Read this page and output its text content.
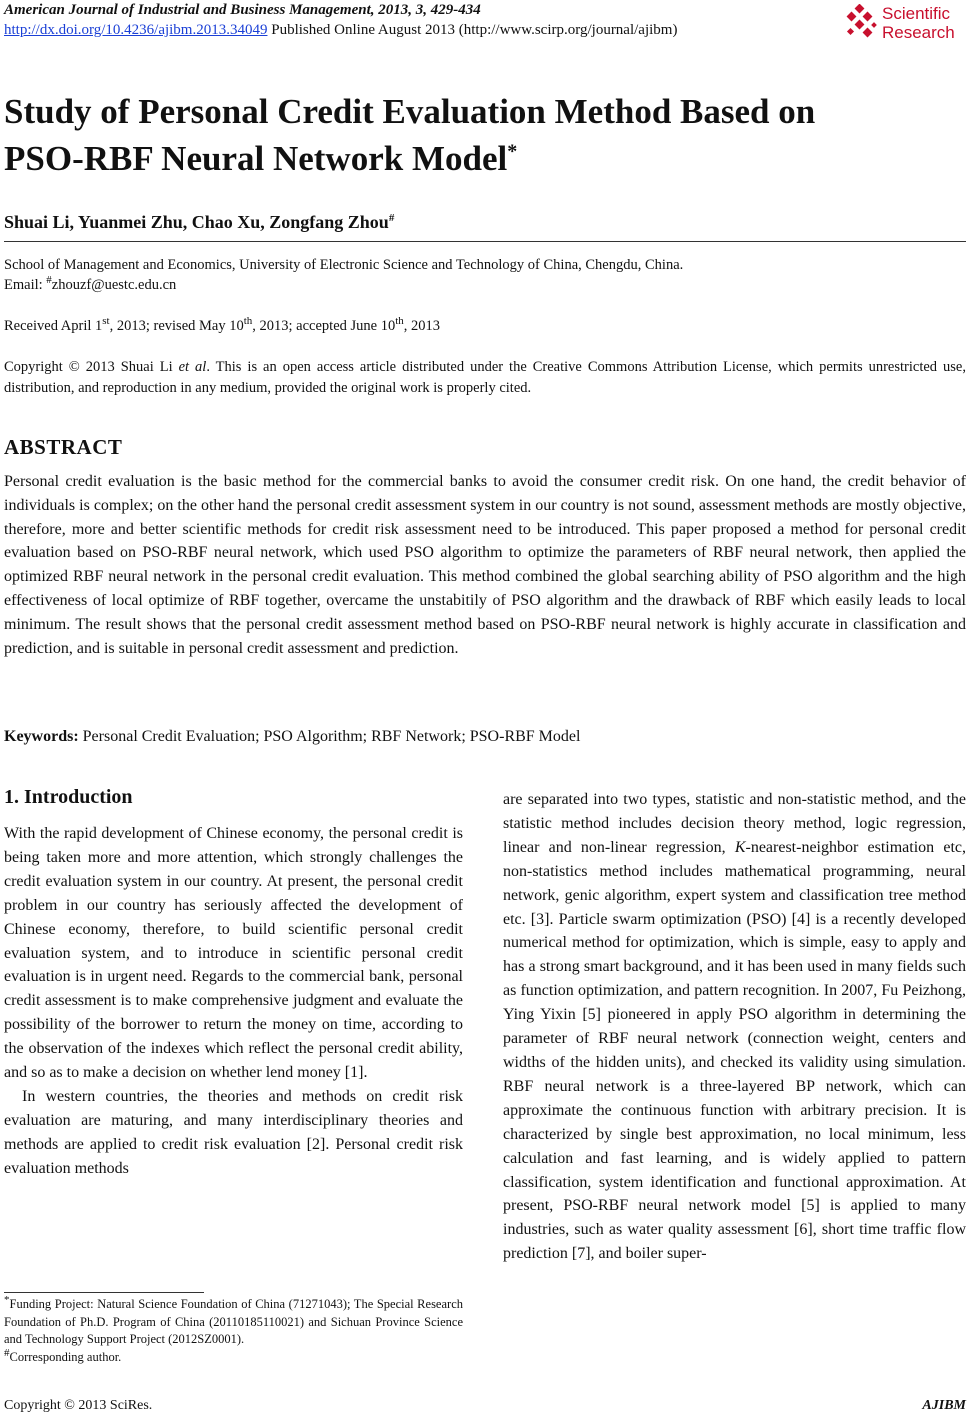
American Journal of Industrial and Business Management, 2013, 3, 429-434
http://dx.doi.org/10.4236/ajibm.2013.34049 Published Online August 2013 (http://www.scirp.org/journal/ajibm)
Scientific
Research
Study of Personal Credit Evaluation Method Based on
PSO-RBF Neural Network Model*
Shuai Li, Yuanmei Zhu, Chao Xu, Zongfang Zhou#
School of Management and Economics, University of Electronic Science and Technology of China, Chengdu, China.
Email: #zhouzf@uestc.edu.cn
Received April 1st, 2013; revised May 10th, 2013; accepted June 10th, 2013
Copyright © 2013 Shuai Li et al. This is an open access article distributed under the Creative Commons Attribution License, which permits unrestricted use, distribution, and reproduction in any medium, provided the original work is properly cited.
ABSTRACT
Personal credit evaluation is the basic method for the commercial banks to avoid the consumer credit risk. On one hand, the credit behavior of individuals is complex; on the other hand the personal credit assessment system in our country is not sound, assessment methods are mostly objective, therefore, more and better scientific methods for credit risk assessment need to be introduced. This paper proposed a method for personal credit evaluation based on PSO-RBF neural network, which used PSO algorithm to optimize the parameters of RBF neural network, then applied the optimized RBF neural network in the personal credit evaluation. This method combined the global searching ability of PSO algorithm and the high effectiveness of local optimize of RBF together, overcame the unstabitily of PSO algorithm and the drawback of RBF which easily leads to local minimum. The result shows that the personal credit assessment method based on PSO-RBF neural network is highly accurate in classification and prediction, and is suitable in personal credit assessment and prediction.
Keywords: Personal Credit Evaluation; PSO Algorithm; RBF Network; PSO-RBF Model
1. Introduction

With the rapid development of Chinese economy, the personal credit is being taken more and more attention, which strongly challenges the credit evaluation system in our country. At present, the personal credit problem in our country has seriously affected the development of Chinese economy, therefore, to build scientific personal credit evaluation system, and to introduce in scientific personal credit evaluation is in urgent need. Regards to the commercial bank, personal credit assessment is to make comprehensive judgment and evaluate the possibility of the borrower to return the money on time, according to the observation of the indexes which reflect the personal credit ability, and so as to make a decision on whether lend money [1].

In western countries, the theories and methods on credit risk evaluation are maturing, and many interdisciplinary theories and methods are applied to credit risk evaluation [2]. Personal credit risk evaluation methods

are separated into two types, statistic and non-statistic method, and the statistic method includes decision theory method, logic regression, linear and non-linear regression, K-nearest-neighbor estimation etc, non-statistics method includes mathematical programming, neural network, genic algorithm, expert system and classification tree method etc. [3]. Particle swarm optimization (PSO) [4] is a recently developed numerical method for optimization, which is simple, easy to apply and has a strong smart background, and it has been used in many fields such as function optimization, and pattern recognition. In 2007, Fu Peizhong, Ying Yixin [5] pioneered in apply PSO algorithm in determining the parameter of RBF neural network (connection weight, centers and widths of the hidden units), and checked its validity using simulation. RBF neural network is a three-layered BP network, which can approximate the continuous function with arbitrary precision. It is characterized by single best approximation, no local minimum, less calculation and fast learning, and is widely applied to pattern classification, system identification and functional approximation. At present, PSO-RBF neural network model [5] is applied to many industries, such as water quality assessment [6], short time traffic flow prediction [7], and boiler super-

*Funding Project: Natural Science Foundation of China (71271043); The Special Research Foundation of Ph.D. Program of China (20110185110021) and Sichuan Province Science and Technology Support Project (2012SZ0001).
#Corresponding author.
Copyright © 2013 SciRes.	AJIBM
